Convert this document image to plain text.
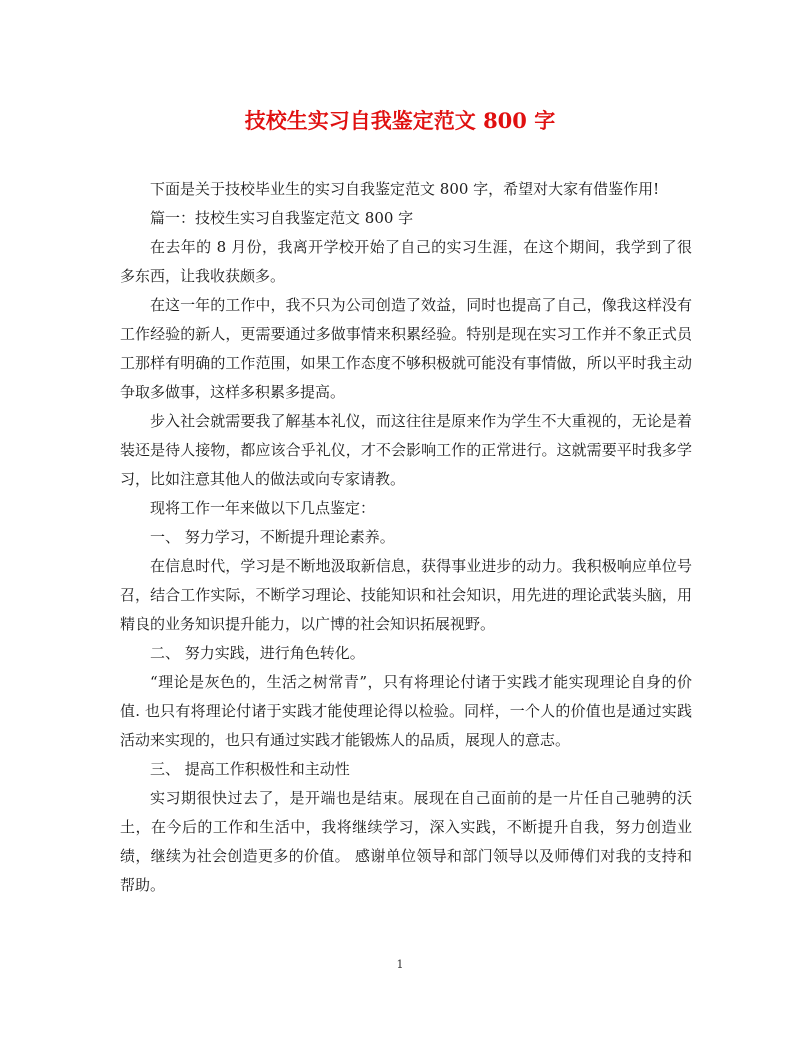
技校生实习自我鉴定范文 800 字

下面是关于技校毕业生的实习自我鉴定范文 800 字，希望对大家有借鉴作用!

篇一：技校生实习自我鉴定范文 800 字

在去年的 8 月份，我离开学校开始了自己的实习生涯，在这个期间，我学到了很多东西，让我收获颇多。

在这一年的工作中，我不只为公司创造了效益，同时也提高了自己，像我这样没有工作经验的新人，更需要通过多做事情来积累经验。特别是现在实习工作并不象正式员工那样有明确的工作范围，如果工作态度不够积极就可能没有事情做，所以平时我主动争取多做事，这样多积累多提高。

步入社会就需要我了解基本礼仪，而这往往是原来作为学生不大重视的，无论是着装还是待人接物，都应该合乎礼仪，才不会影响工作的正常进行。这就需要平时我多学习，比如注意其他人的做法或向专家请教。

现将工作一年来做以下几点鉴定：

一、 努力学习，不断提升理论素养。

在信息时代，学习是不断地汲取新信息，获得事业进步的动力。我积极响应单位号召，结合工作实际，不断学习理论、技能知识和社会知识，用先进的理论武装头脑，用精良的业务知识提升能力，以广博的社会知识拓展视野。

二、 努力实践，进行角色转化。

“理论是灰色的，生活之树常青”，只有将理论付诸于实践才能实现理论自身的价值. 也只有将理论付诸于实践才能使理论得以检验。同样，一个人的价值也是通过实践活动来实现的，也只有通过实践才能锻炼人的品质，展现人的意志。

三、 提高工作积极性和主动性

实习期很快过去了，是开端也是结束。展现在自己面前的是一片任自己驰骋的沃土，在今后的工作和生活中，我将继续学习，深入实践，不断提升自我，努力创造业绩，继续为社会创造更多的价值。 感谢单位领导和部门领导以及师傅们对我的支持和帮助。

1
